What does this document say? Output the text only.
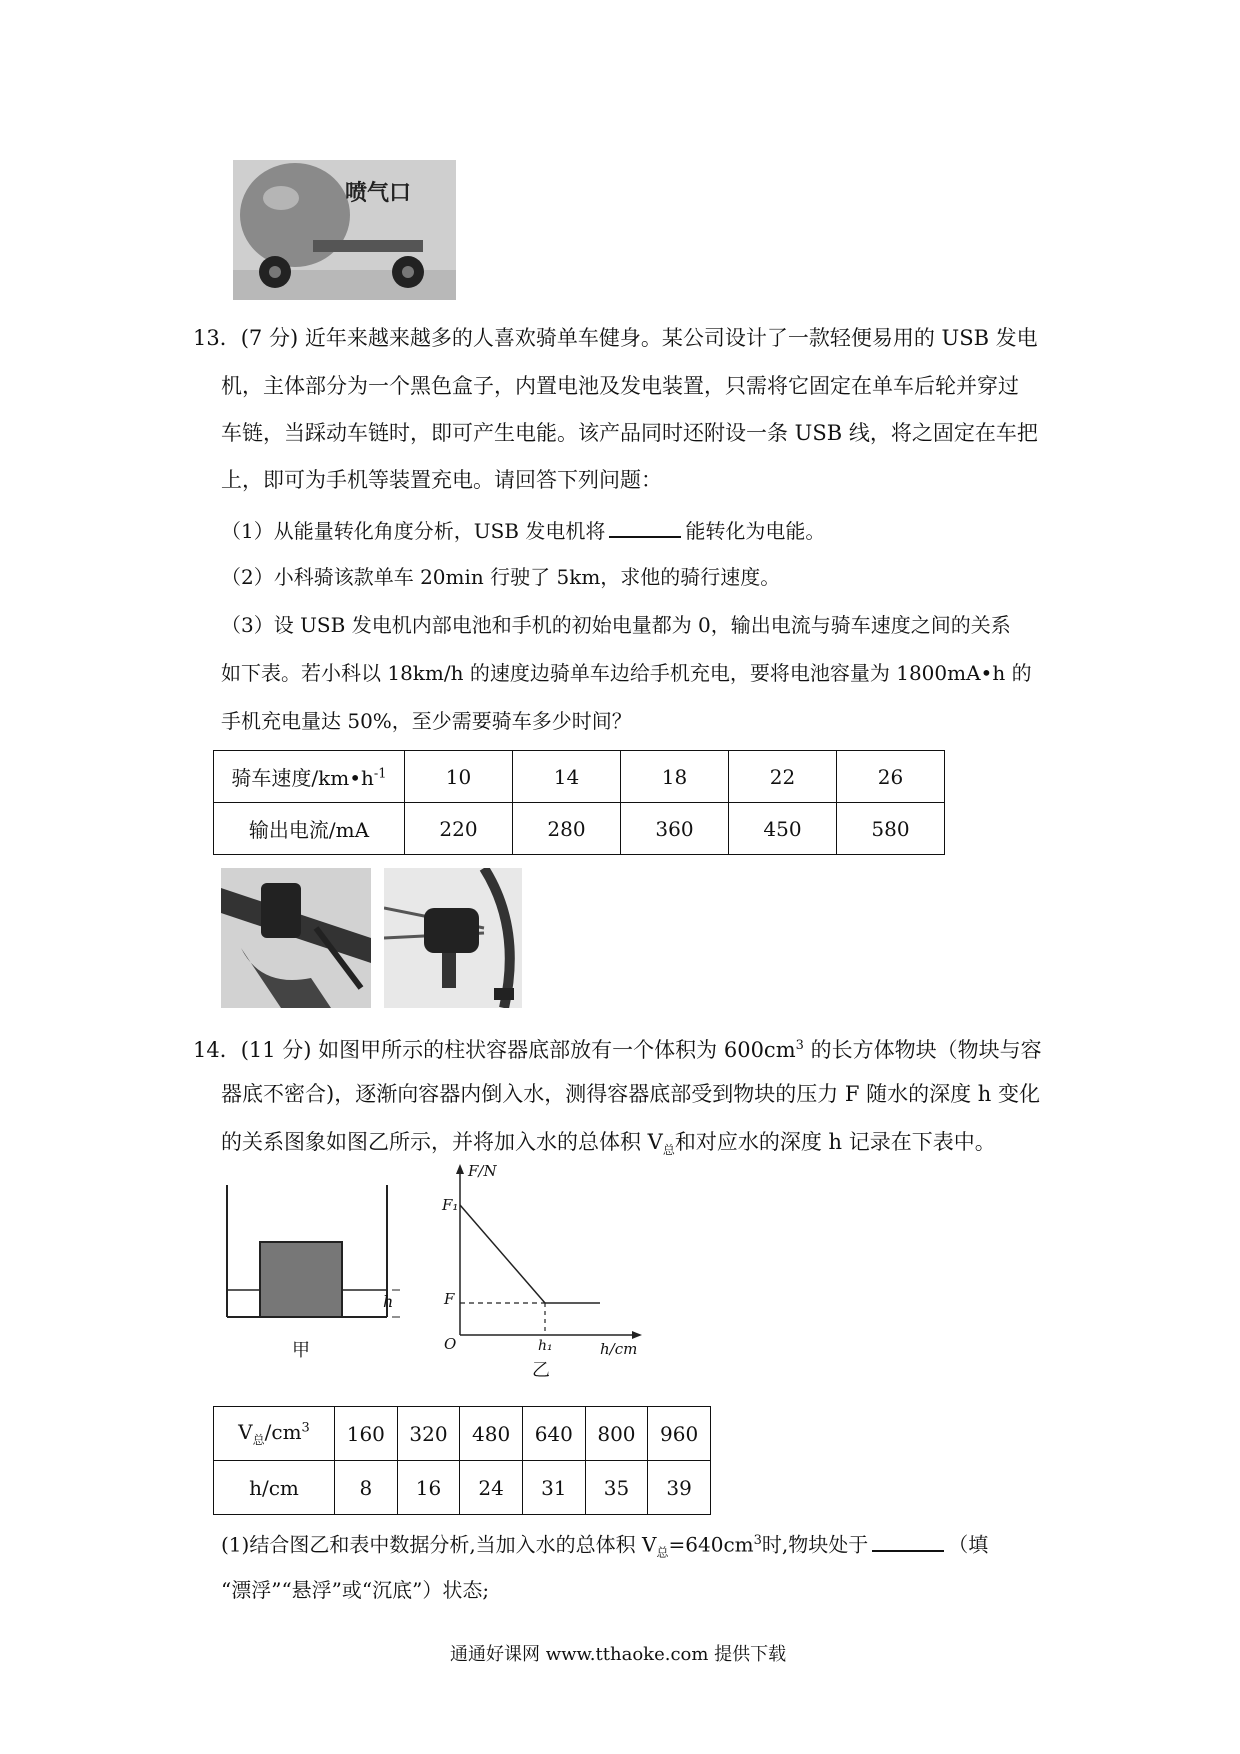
喷气口
13．(7 分) 近年来越来越多的人喜欢骑单车健身。某公司设计了一款轻便易用的 USB 发电
机，主体部分为一个黑色盒子，内置电池及发电装置，只需将它固定在单车后轮并穿过
车链，当踩动车链时，即可产生电能。该产品同时还附设一条 USB 线，将之固定在车把
上，即可为手机等装置充电。请回答下列问题：
（1）从能量转化角度分析，USB 发电机将	能转化为电能。
（2）小科骑该款单车 20min 行驶了 5km，求他的骑行速度。
（3）设 USB 发电机内部电池和手机的初始电量都为 0，输出电流与骑车速度之间的关系
如下表。若小科以 18km/h 的速度边骑单车边给手机充电，要将电池容量为 1800mA•h 的
手机充电量达 50%，至少需要骑车多少时间？
骑车速度$/km•h^{-1}$	10	14	18	22	26
输出电流/mA	220	280	360	450	580
14．(11 分) 如图甲所示的柱状容器底部放有一个体积为 $600cm^3$ 的长方体物块（物块与容
器底不密合)，逐渐向容器内倒入水，测得容器底部受到物块的压力 F 随水的深度 h 变化
的关系图象如图乙所示，并将加入水的总体积 $V_总$和对应水的深度 h 记录在下表中。
h
甲
F/N
F₁
F
O	h₁	h/cm
乙
$V_总/cm^3$	160	320	480	640	800	960
h/cm	8	16	24	31	35	39
(1)结合图乙和表中数据分析,当加入水的总体积 $V_总=640cm^3$时,物块处于	（填
“漂浮”“悬浮”或“沉底”）状态;
通通好课网 www.tthaoke.com 提供下载
